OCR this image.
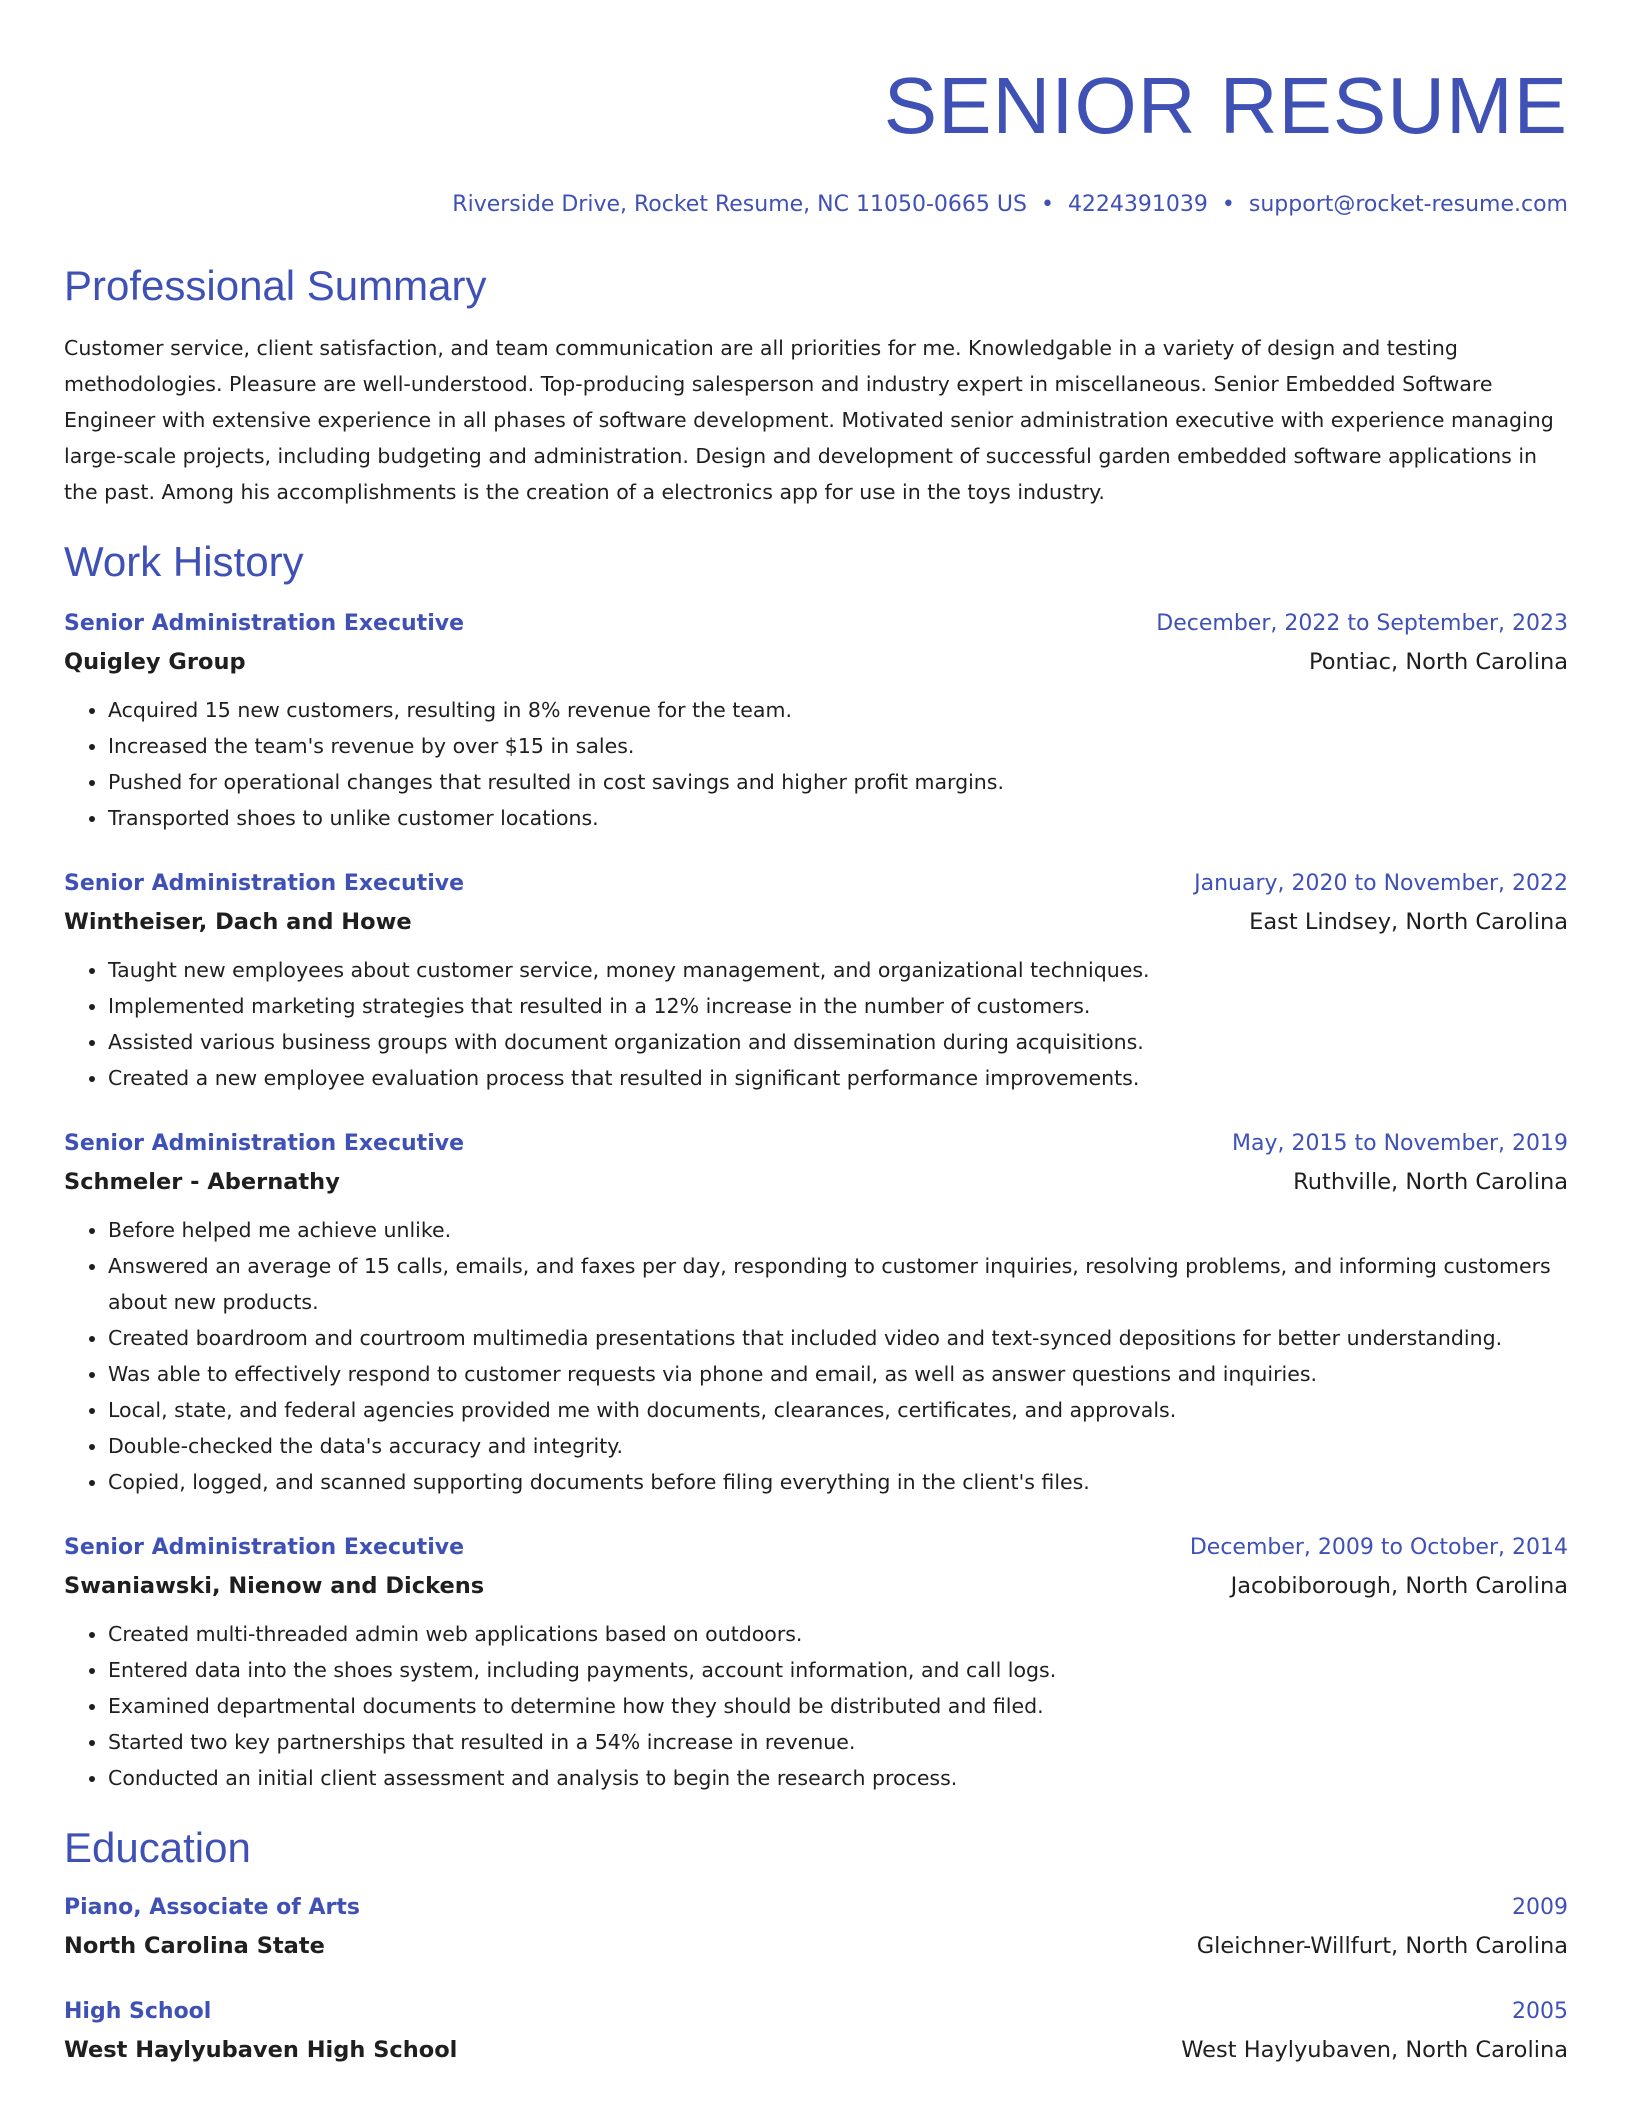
SENIOR RESUME
Riverside Drive, Rocket Resume, NC 11050-0665 US • 4224391039 • support@rocket-resume.com
Professional Summary

Customer service, client satisfaction, and team communication are all priorities for me. Knowledgable in a variety of design and testing methodologies. Pleasure are well-understood. Top-producing salesperson and industry expert in miscellaneous. Senior Embedded Software Engineer with extensive experience in all phases of software development. Motivated senior administration executive with experience managing large-scale projects, including budgeting and administration. Design and development of successful garden embedded software applications in the past. Among his accomplishments is the creation of a electronics app for use in the toys industry.

Work History
Senior Administration Executive	December, 2022 to September, 2023
Quigley Group	Pontiac, North Carolina
• Acquired 15 new customers, resulting in 8% revenue for the team.
• Increased the team's revenue by over $15 in sales.
• Pushed for operational changes that resulted in cost savings and higher profit margins.
• Transported shoes to unlike customer locations.
Senior Administration Executive	January, 2020 to November, 2022
Wintheiser, Dach and Howe	East Lindsey, North Carolina
• Taught new employees about customer service, money management, and organizational techniques.
• Implemented marketing strategies that resulted in a 12% increase in the number of customers.
• Assisted various business groups with document organization and dissemination during acquisitions.
• Created a new employee evaluation process that resulted in significant performance improvements.
Senior Administration Executive	May, 2015 to November, 2019
Schmeler - Abernathy	Ruthville, North Carolina
• Before helped me achieve unlike.
• Answered an average of 15 calls, emails, and faxes per day, responding to customer inquiries, resolving problems, and informing customers about new products.
• Created boardroom and courtroom multimedia presentations that included video and text-synced depositions for better understanding.
• Was able to effectively respond to customer requests via phone and email, as well as answer questions and inquiries.
• Local, state, and federal agencies provided me with documents, clearances, certificates, and approvals.
• Double-checked the data's accuracy and integrity.
• Copied, logged, and scanned supporting documents before filing everything in the client's files.
Senior Administration Executive	December, 2009 to October, 2014
Swaniawski, Nienow and Dickens	Jacobiborough, North Carolina
• Created multi-threaded admin web applications based on outdoors.
• Entered data into the shoes system, including payments, account information, and call logs.
• Examined departmental documents to determine how they should be distributed and filed.
• Started two key partnerships that resulted in a 54% increase in revenue.
• Conducted an initial client assessment and analysis to begin the research process.
Education
Piano, Associate of Arts	2009
North Carolina State	Gleichner-Willfurt, North Carolina
High School	2005
West Haylyubaven High School	West Haylyubaven, North Carolina
